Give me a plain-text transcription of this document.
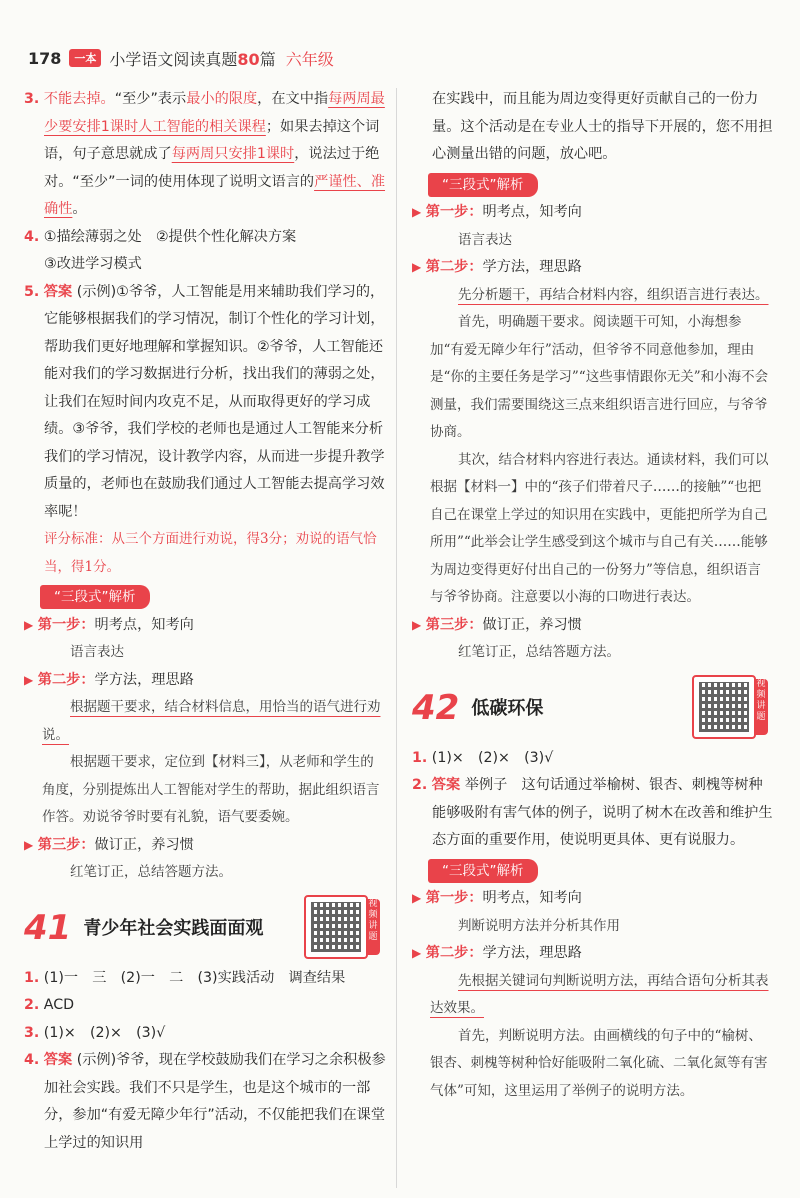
178	一本 小学语文阅读真题80篇 六年级

3. 不能去掉。“至少”表示最小的限度，在文中指每两周最少要安排1课时人工智能的相关课程；如果去掉这个词语，句子意思就成了每两周只安排1课时，说法过于绝对。“至少”一词的使用体现了说明文语言的严谨性、准确性。

4. ①描绘薄弱之处　②提供个性化解决方案

③改进学习模式

5. 答案 (示例)①爷爷，人工智能是用来辅助我们学习的，它能够根据我们的学习情况，制订个性化的学习计划，帮助我们更好地理解和掌握知识。②爷爷，人工智能还能对我们的学习数据进行分析，找出我们的薄弱之处，让我们在短时间内攻克不足，从而取得更好的学习成绩。③爷爷，我们学校的老师也是通过人工智能来分析我们的学习情况，设计教学内容，从而进一步提升教学质量的，老师也在鼓励我们通过人工智能去提高学习效率呢！

评分标准：从三个方面进行劝说，得3分；劝说的语气恰当，得1分。

“三段式”解析

▶ 第一步：明考点，知考向

语言表达

▶ 第二步：学方法，理思路

根据题干要求，结合材料信息，用恰当的语气进行劝说。

根据题干要求，定位到【材料三】，从老师和学生的角度，分别提炼出人工智能对学生的帮助，据此组织语言作答。劝说爷爷时要有礼貌，语气要委婉。

▶ 第三步：做订正，养习惯

红笔订正，总结答题方法。

41 青少年社会实践面面观
视频讲题

1. (1)一　三　(2)一　二　(3)实践活动　调查结果

2. ACD

3. (1)×　(2)×　(3)√

4. 答案 (示例)爷爷，现在学校鼓励我们在学习之余积极参加社会实践。我们不只是学生，也是这个城市的一部分，参加“有爱无障少年行”活动，不仅能把我们在课堂上学过的知识用

在实践中，而且能为周边变得更好贡献自己的一份力量。这个活动是在专业人士的指导下开展的，您不用担心测量出错的问题，放心吧。

“三段式”解析

▶ 第一步：明考点，知考向

语言表达

▶ 第二步：学方法，理思路

先分析题干，再结合材料内容，组织语言进行表达。

首先，明确题干要求。阅读题干可知，小海想参加“有爱无障少年行”活动，但爷爷不同意他参加，理由是“你的主要任务是学习”“这些事情跟你无关”和小海不会测量，我们需要围绕这三点来组织语言进行回应，与爷爷协商。

其次，结合材料内容进行表达。通读材料，我们可以根据【材料一】中的“孩子们带着尺子……的接触”“也把自己在课堂上学过的知识用在实践中，更能把所学为自己所用”“此举会让学生感受到这个城市与自己有关……能够为周边变得更好付出自己的一份努力”等信息，组织语言与爷爷协商。注意要以小海的口吻进行表达。

▶ 第三步：做订正，养习惯

红笔订正，总结答题方法。

42 低碳环保
视频讲题

1. (1)×　(2)×　(3)√

2. 答案 举例子　这句话通过举榆树、银杏、刺槐等树种能够吸附有害气体的例子，说明了树木在改善和维护生态方面的重要作用，使说明更具体、更有说服力。

“三段式”解析

▶ 第一步：明考点，知考向

判断说明方法并分析其作用

▶ 第二步：学方法，理思路

先根据关键词句判断说明方法，再结合语句分析其表达效果。

首先，判断说明方法。由画横线的句子中的“榆树、银杏、刺槐等树种恰好能吸附二氧化硫、二氧化氮等有害气体”可知，这里运用了举例子的说明方法。
